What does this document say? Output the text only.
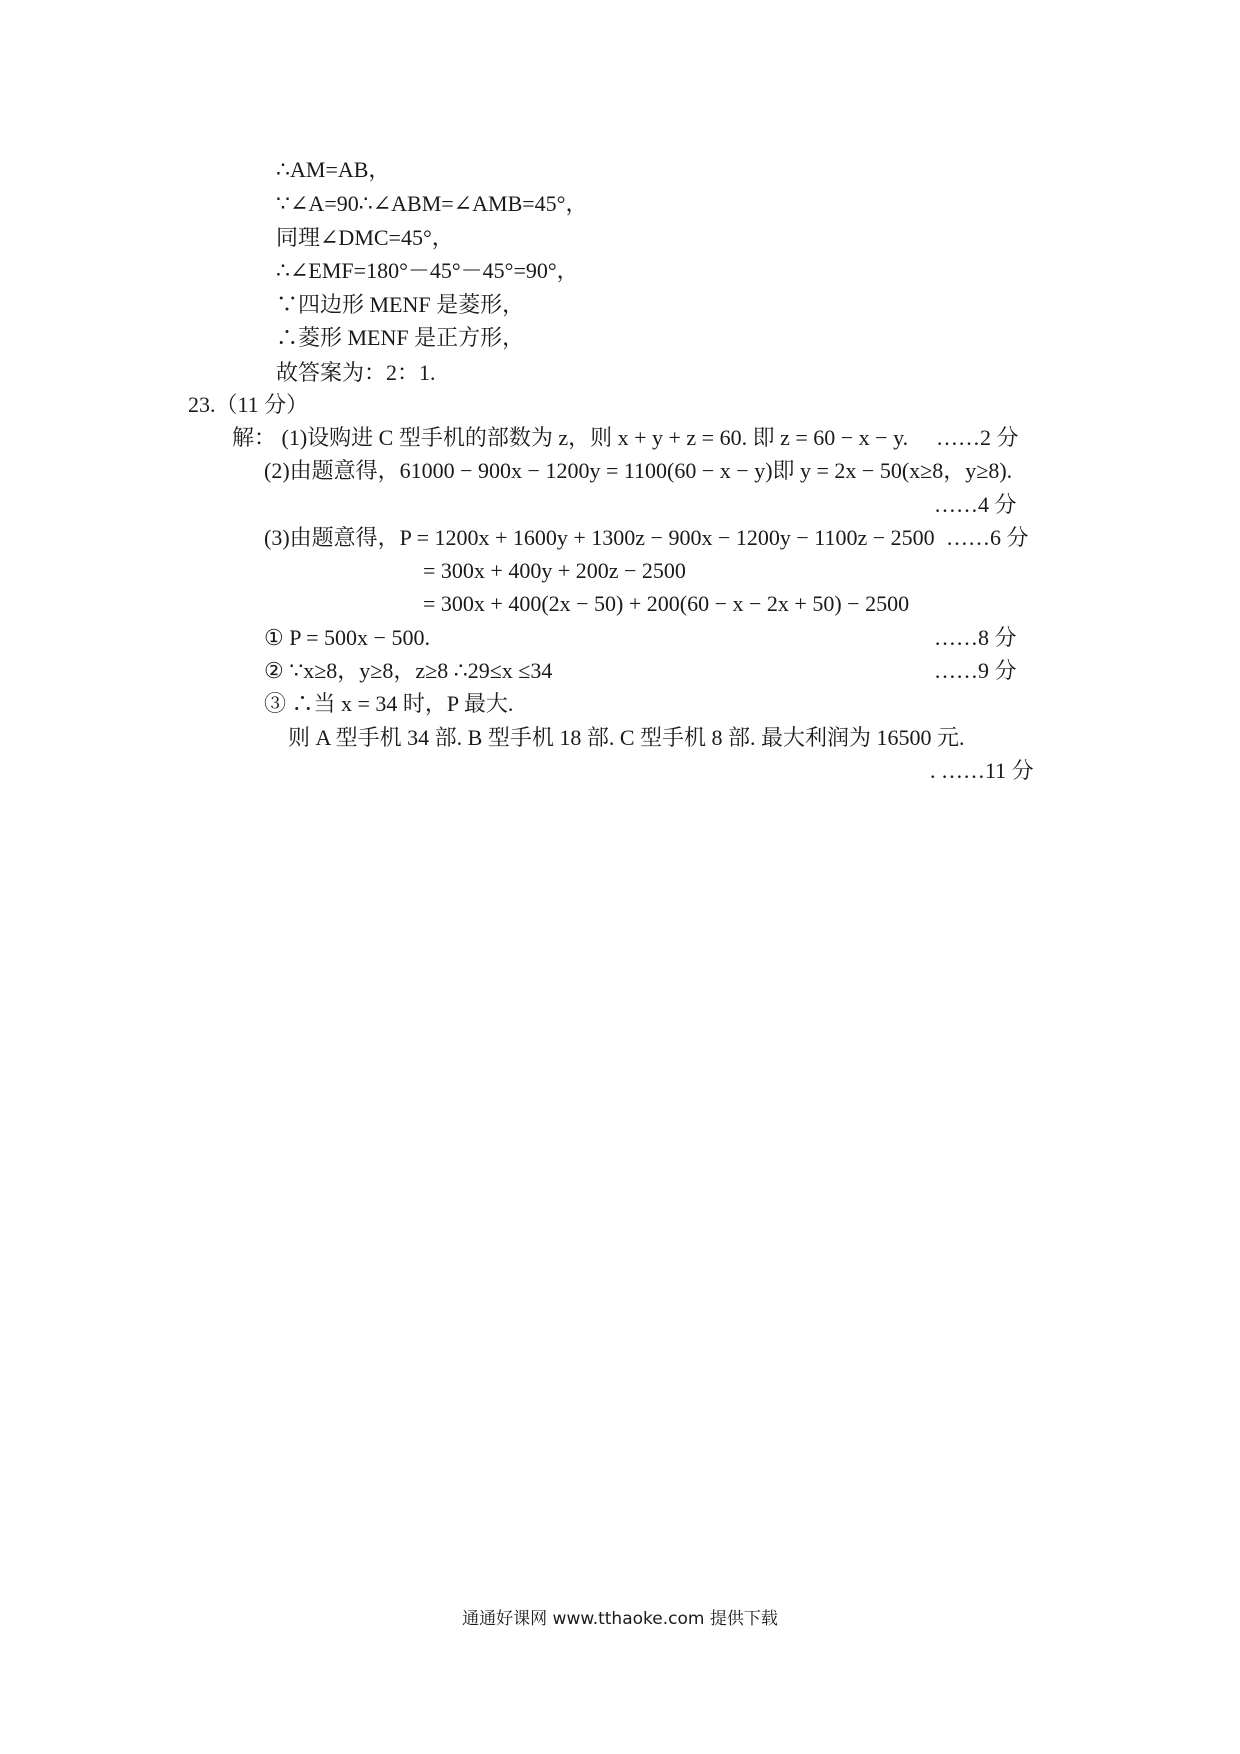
∴AM=AB，

∵∠A=90∴∠ABM=∠AMB=45°，

同理∠DMC=45°，

∴∠EMF=180°－45°－45°=90°，

∵四边形 MENF 是菱形，

∴菱形 MENF 是正方形，

故答案为：2：1.

23.（11 分）

解： (1)设购进 C 型手机的部数为 z，则 x + y + z = 60. 即 z = 60 − x − y. ……2 分

(2)由题意得，61000 − 900x − 1200y = 1100(60 − x − y)即 y = 2x − 50(x≥8，y≥8).

……4 分

(3)由题意得，P = 1200x + 1600y + 1300z − 900x − 1200y − 1100z − 2500 ……6 分

= 300x + 400y + 200z − 2500

= 300x + 400(2x − 50) + 200(60 − x − 2x + 50) − 2500

① P = 500x − 500.	……8 分

② ∵x≥8，y≥8，z≥8 ∴29≤x ≤34	……9 分

③ ∴当 x = 34 时，P 最大.

则 A 型手机 34 部. B 型手机 18 部. C 型手机 8 部. 最大利润为 16500 元.

. ……11 分
通通好课网 www.tthaoke.com 提供下载
